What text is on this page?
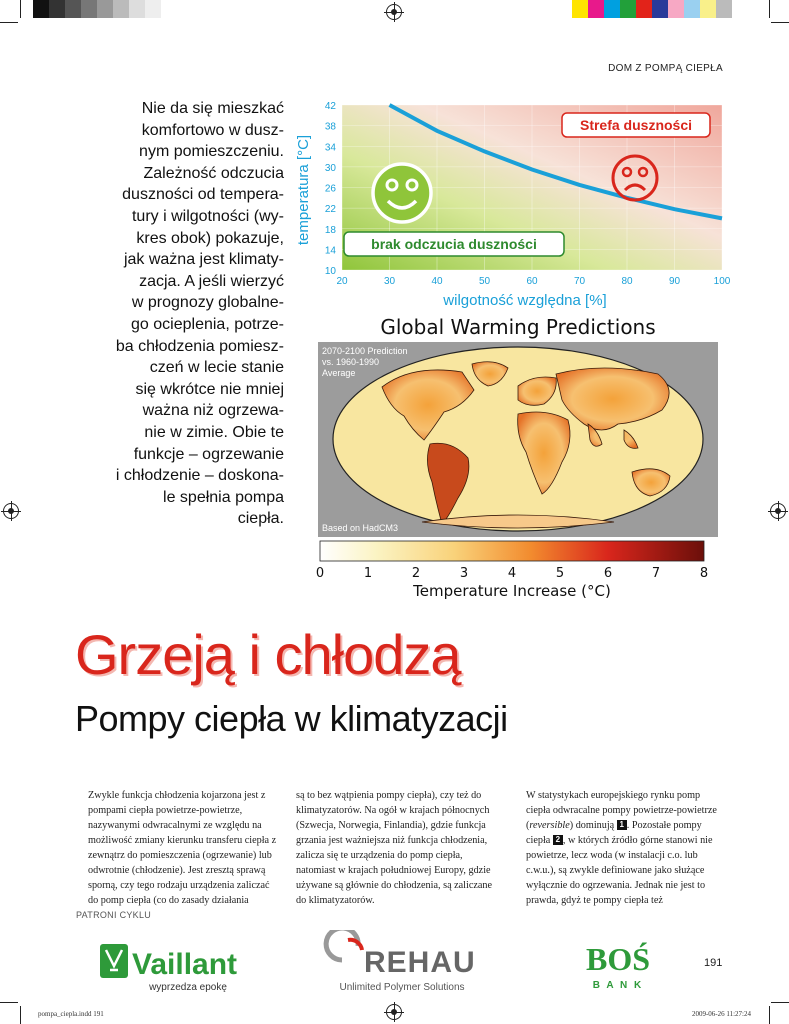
DOM Z POMPĄ CIEPŁA
Nie da się mieszkać
komfortowo w dusz-
nym pomieszczeniu.
Zależność odczucia
duszności od tempera-
tury i wilgotności (wy-
kres obok) pokazuje,
jak ważna jest klimaty-
zacja. A jeśli wierzyć
w prognozy globalne-
go ocieplenia, potrze-
ba chłodzenia pomiesz-
czeń w lecie stanie
się wkrótce nie mniej
ważna niż ogrzewa-
nie w zimie. Obie te
funkcje – ogrzewanie
i chłodzenie – doskona-
le spełnia pompa
ciepła.
42
38
34
30
26
22
18
14
10
20	30	40	50	60	70	80	90	100
temperatura [°C]
wilgotność względna [%]
Strefa duszności
brak odczucia duszności
Global Warming Predictions
2070-2100 Prediction
vs. 1960-1990
Average
Based on HadCM3
0	1	2	3	4	5	6	7	8
Temperature Increase (°C)
Grzeją i chłodzą
Pompy ciepła w klimatyzacji

Zwykle funkcja chłodzenia kojarzona jest z pompami ciepła powietrze-powietrze, nazywanymi odwracalnymi ze względu na możliwość zmiany kierunku transferu ciepła z zewnątrz do pomieszczenia (ogrzewanie) lub odwrotnie (chłodzenie). Jest zresztą sprawą sporną, czy tego rodzaju urządzenia zaliczać do pomp ciepła (co do zasady działania

są to bez wątpienia pompy ciepła), czy też do klimatyzatorów. Na ogół w krajach północnych (Szwecja, Norwegia, Finlandia), gdzie funkcja grzania jest ważniejsza niż funkcja chłodzenia, zalicza się te urządzenia do pomp ciepła, natomiast w krajach południowej Europy, gdzie używane są głównie do chłodzenia, są zaliczane do klimatyzatorów.

W statystykach europejskiego rynku pomp ciepła odwracalne pompy powietrze-powietrze (reversible) dominują 1 . Pozostałe pompy ciepła 2 , w których źródło górne stanowi nie powietrze, lecz woda (w instalacji c.o. lub c.w.u.), są zwykle definiowane jako służące wyłącznie do ogrzewania. Jednak nie jest to prawda, gdyż te pompy ciepła też

PATRONI CYKLU
Vaillant
wyprzedza epokę
REHAU
Unlimited Polymer Solutions
BOŚ
B A N K
191
pompa_ciepla.indd 191	2009-06-26 11:27:24
